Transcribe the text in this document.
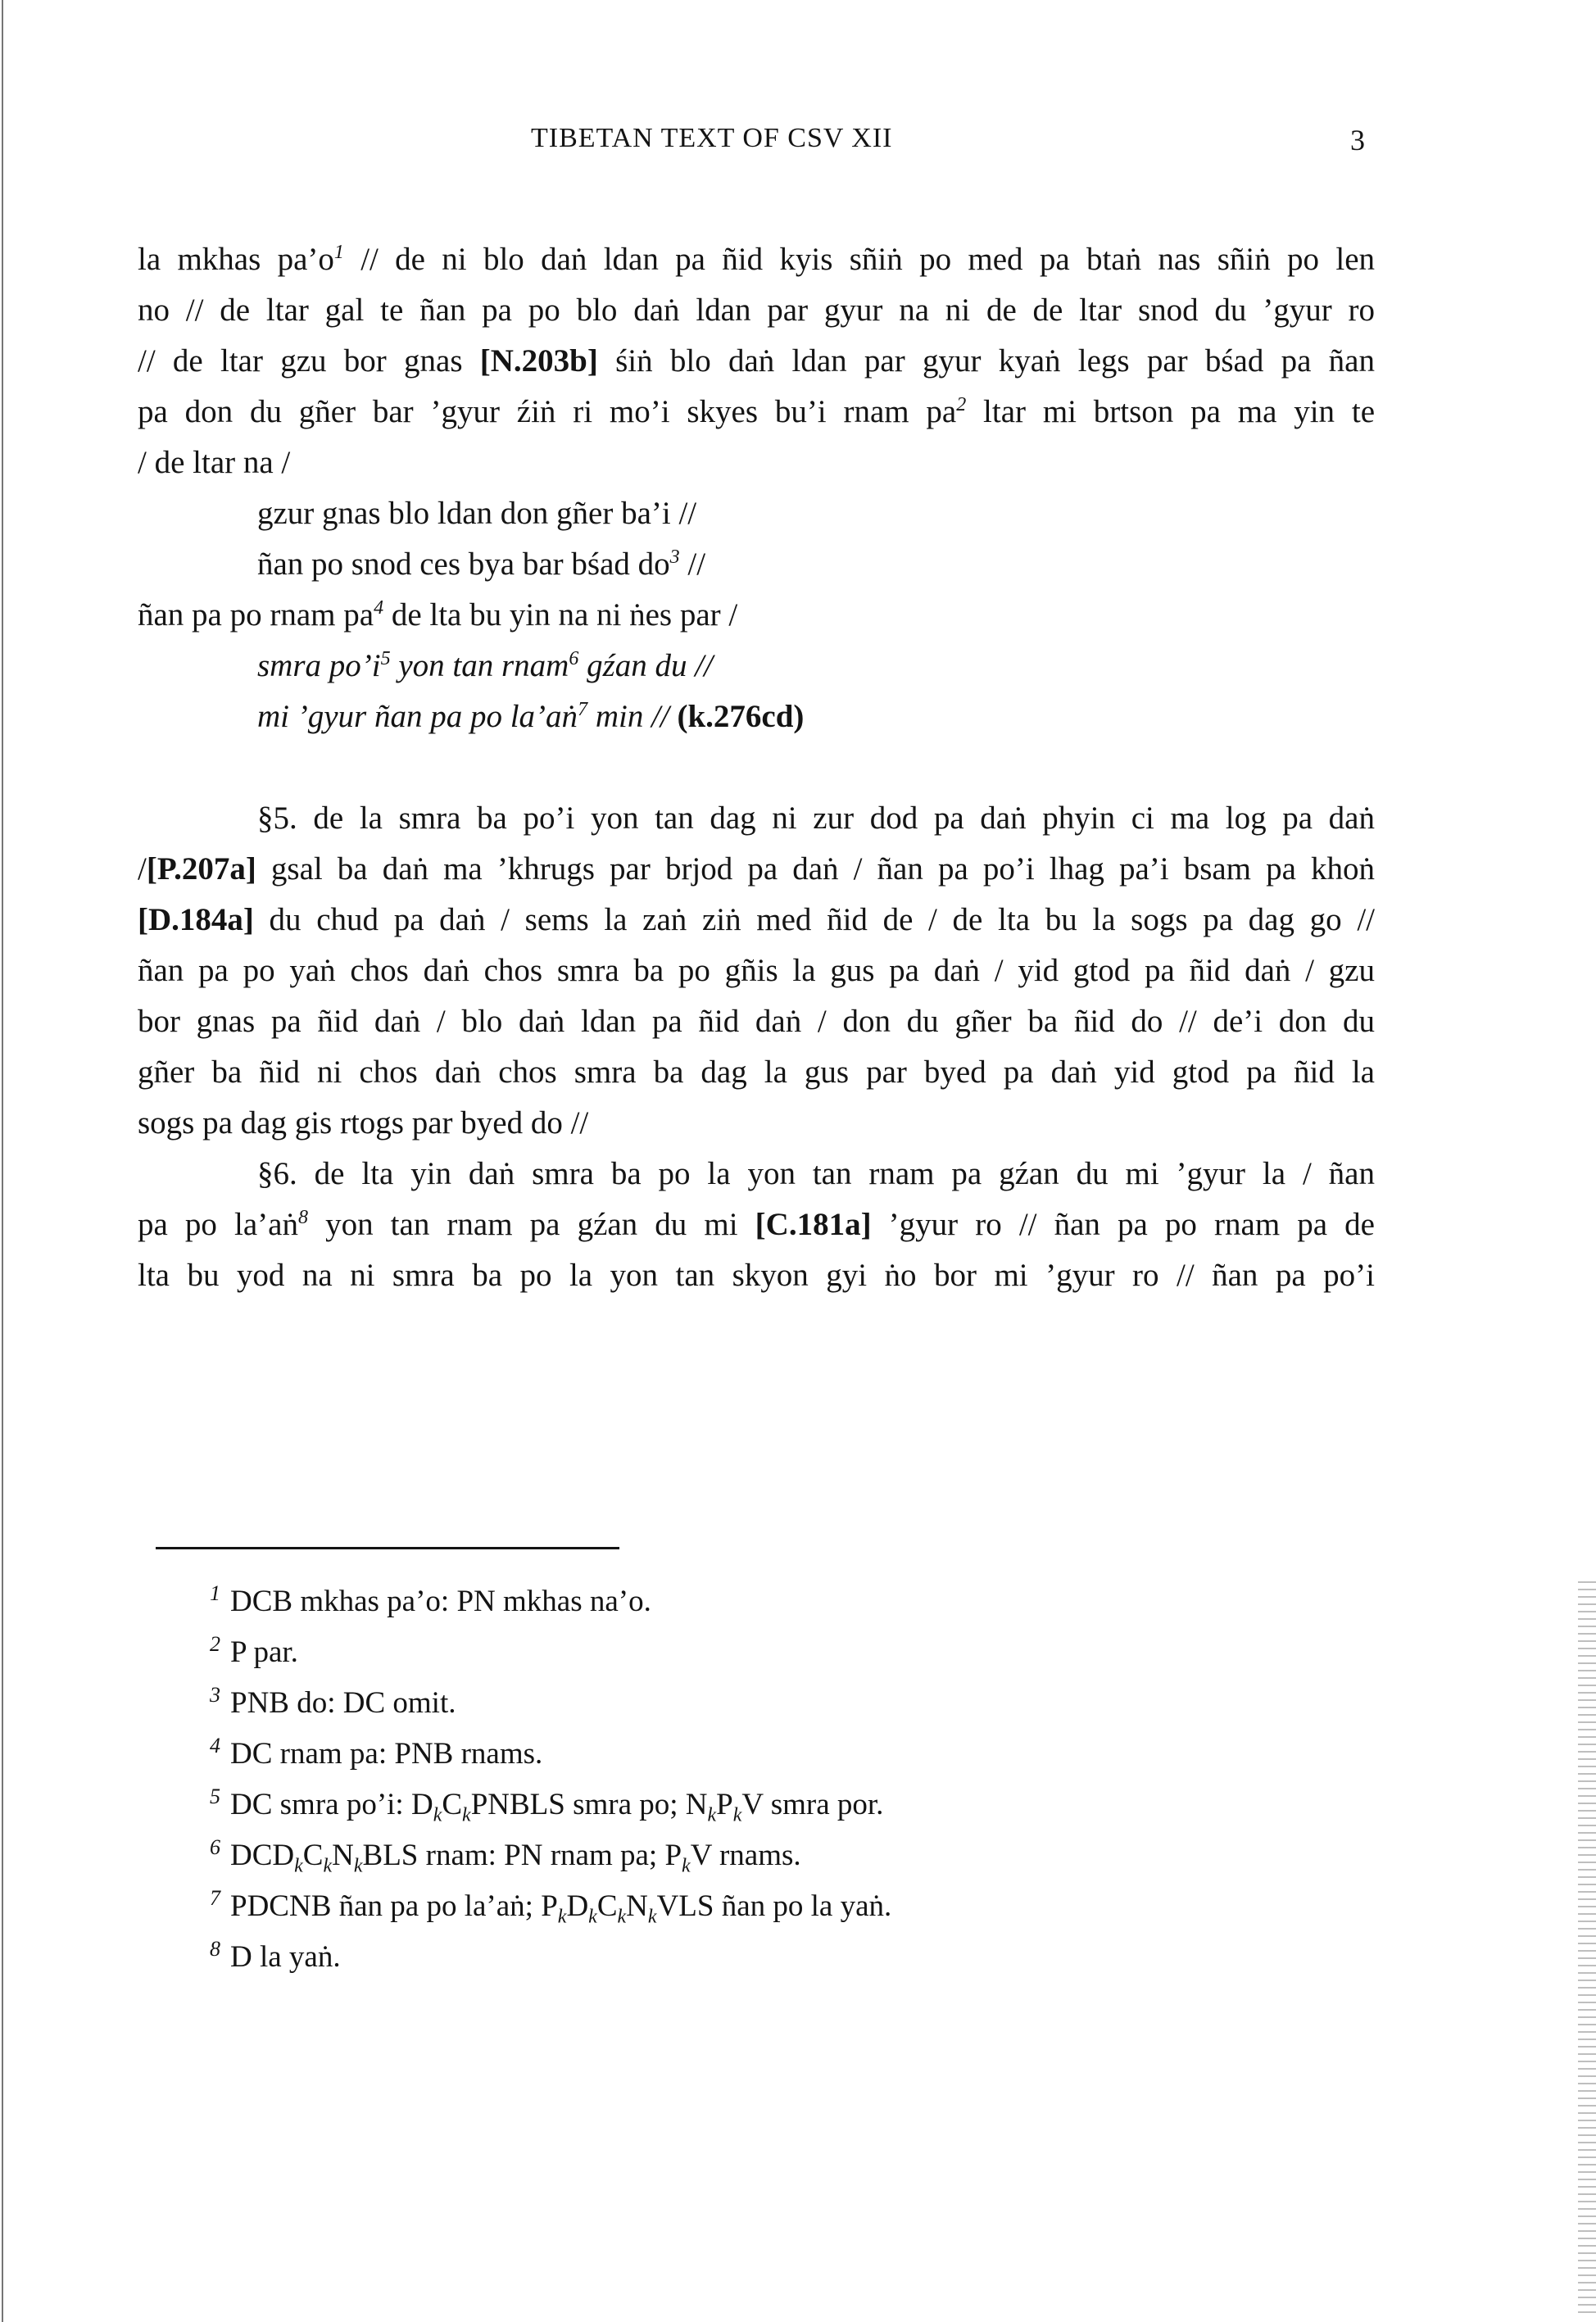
TIBETAN TEXT OF CSV XII	3
la mkhas $pa’o^1$ // de ni blo daṅ ldan pa ñid kyis sñiṅ po med pa btaṅ nas sñiṅ po len
no // de ltar gal te ñan pa po blo daṅ ldan par gyur na ni de de ltar snod du ’gyur ro
// de ltar gzu bor gnas [N.203b] śiṅ blo daṅ ldan par gyur kyaṅ legs par bśad pa ñan
pa don du gñer bar ’gyur źiṅ ri mo’i skyes bu’i rnam $pa^2$ ltar mi brtson pa ma yin te
/ de ltar na /
gzur gnas blo ldan don gñer ba’i //
ñan po snod ces bya bar bśad $do^3$ //
ñan pa po rnam $pa^4$ de lta bu yin na ni ṅes par /
smra $po’i^5$ yon tan rnam$^6$ gźan du //
mi ’gyur ñan pa po la’aṅ$^7$ min // (k.276cd)
§5. de la smra ba po’i yon tan dag ni zur dod pa daṅ phyin ci ma log pa daṅ
/[P.207a] gsal ba daṅ ma ’khrugs par brjod pa daṅ / ñan pa po’i lhag pa’i bsam pa khoṅ
[D.184a] du chud pa daṅ / sems la zaṅ ziṅ med ñid de / de lta bu la sogs pa dag go //
ñan pa po yaṅ chos daṅ chos smra ba po gñis la gus pa daṅ / yid gtod pa ñid daṅ / gzu
bor gnas pa ñid daṅ / blo daṅ ldan pa ñid daṅ / don du gñer ba ñid do // de’i don du
gñer ba ñid ni chos daṅ chos smra ba dag la gus par byed pa daṅ yid gtod pa ñid la
sogs pa dag gis rtogs par byed do //
§6. de lta yin daṅ smra ba po la yon tan rnam pa gźan du mi ’gyur la / ñan
pa po la’aṅ$^8$ yon tan rnam pa gźan du mi [C.181a] ’gyur ro // ñan pa po rnam pa de
lta bu yod na ni smra ba po la yon tan skyon gyi ṅo bor mi ’gyur ro // ñan pa po’i
$^1$ DCB mkhas pa’o: PN mkhas na’o.
$^2$ P par.
$^3$ PNB do: DC omit.
$^4$ DC rnam pa: PNB rnams.
$^5$ DC smra po’i: $D_kC_kPNBLS$ smra po; $N_kP_kV$ smra por.
$^6$ $DCD_kC_kN_kBLS$ rnam: PN rnam pa; $P_kV$ rnams.
$^7$ PDCNB ñan pa po la’aṅ; $P_kD_kC_kN_kVLS$ ñan po la yaṅ.
$^8$ D la yaṅ.
